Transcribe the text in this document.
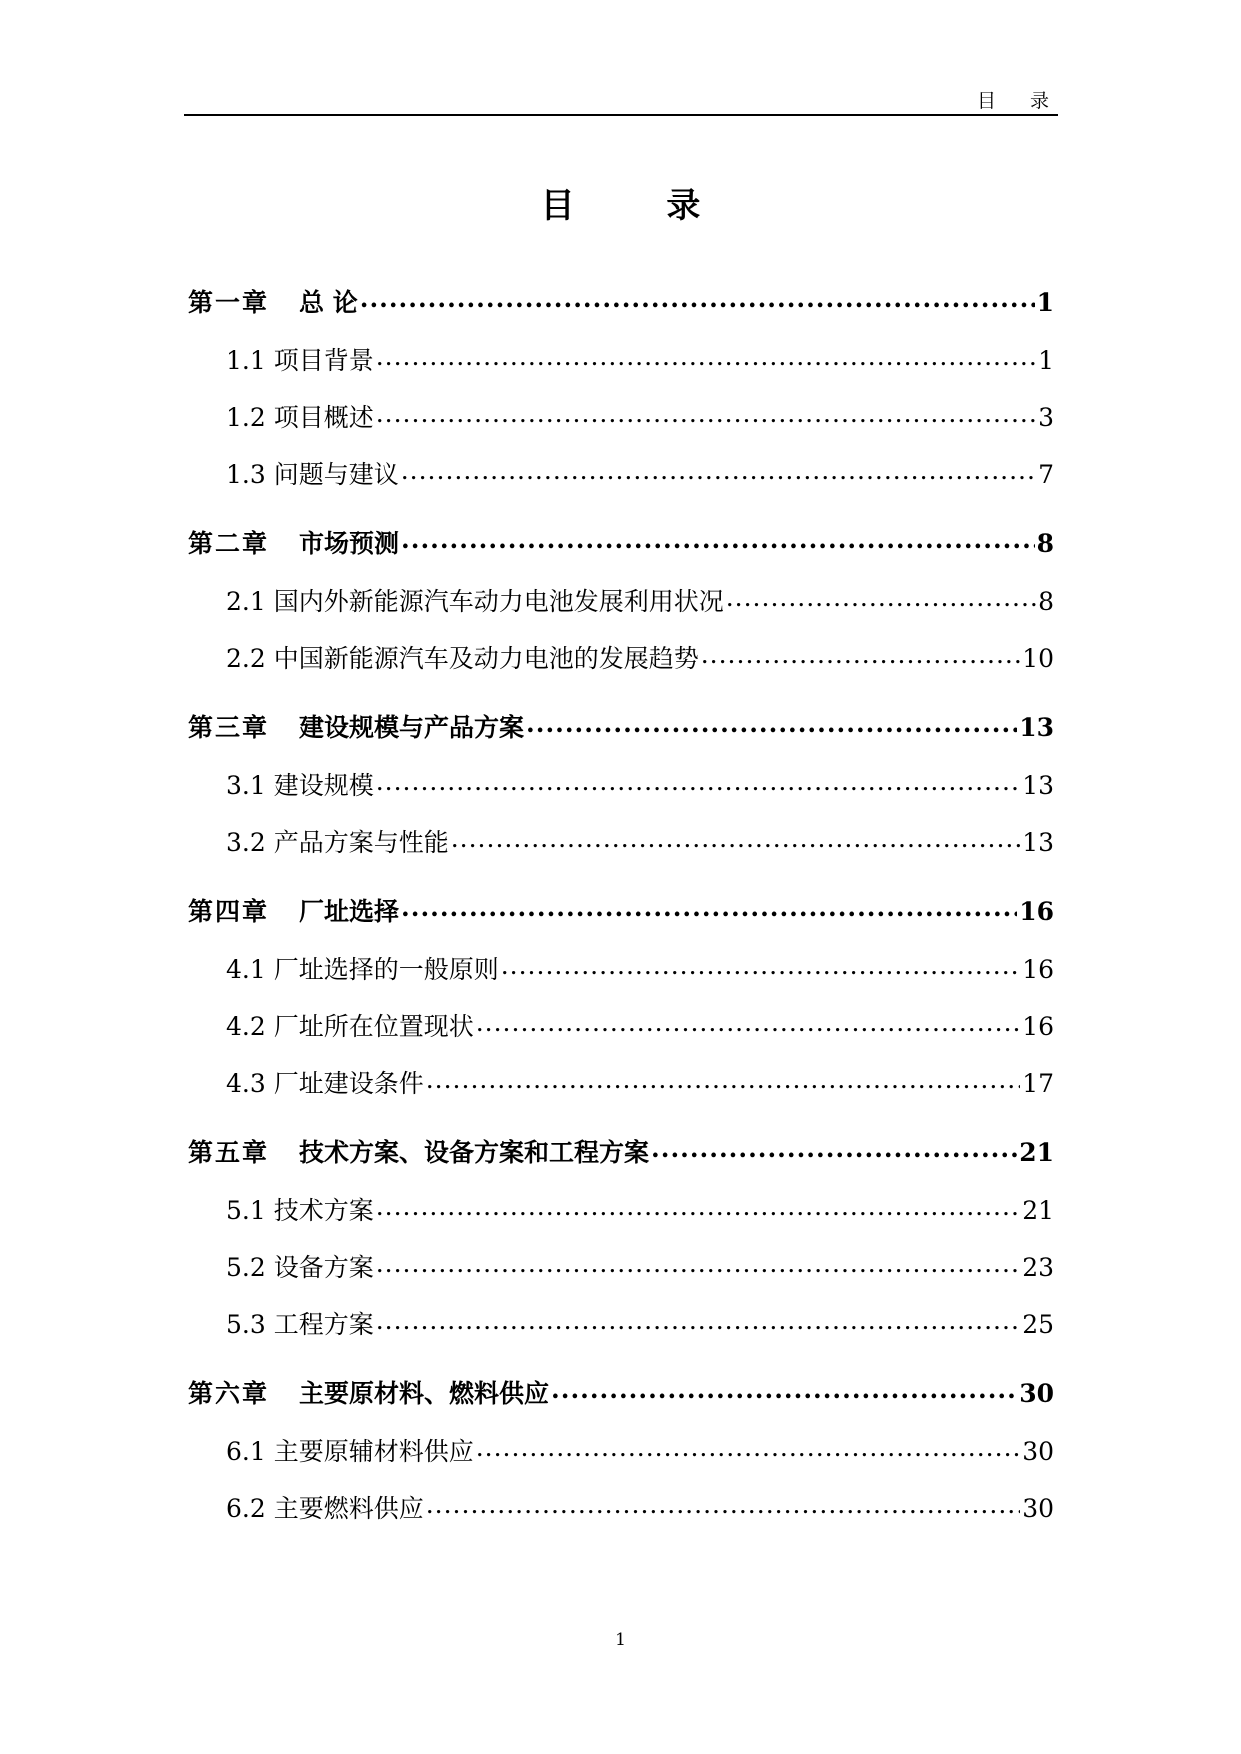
目 录
目 录
第一章 总 论 .....	1
1.1 项目背景 .....	1
1.2 项目概述 .....	3
1.3 问题与建议 .....	7
第二章 市场预测 .....	8
2.1 国内外新能源汽车动力电池发展利用状况 .....	8
2.2 中国新能源汽车及动力电池的发展趋势 .....	10
第三章 建设规模与产品方案 .....	13
3.1 建设规模 .....	13
3.2 产品方案与性能 .....	13
第四章 厂址选择 .....	16
4.1 厂址选择的一般原则 .....	16
4.2 厂址所在位置现状 .....	16
4.3 厂址建设条件 .....	17
第五章 技术方案、设备方案和工程方案 .....	21
5.1 技术方案 .....	21
5.2 设备方案 .....	23
5.3 工程方案 .....	25
第六章 主要原材料、燃料供应 .....	30
6.1 主要原辅材料供应 .....	30
6.2 主要燃料供应 .....	30
1
